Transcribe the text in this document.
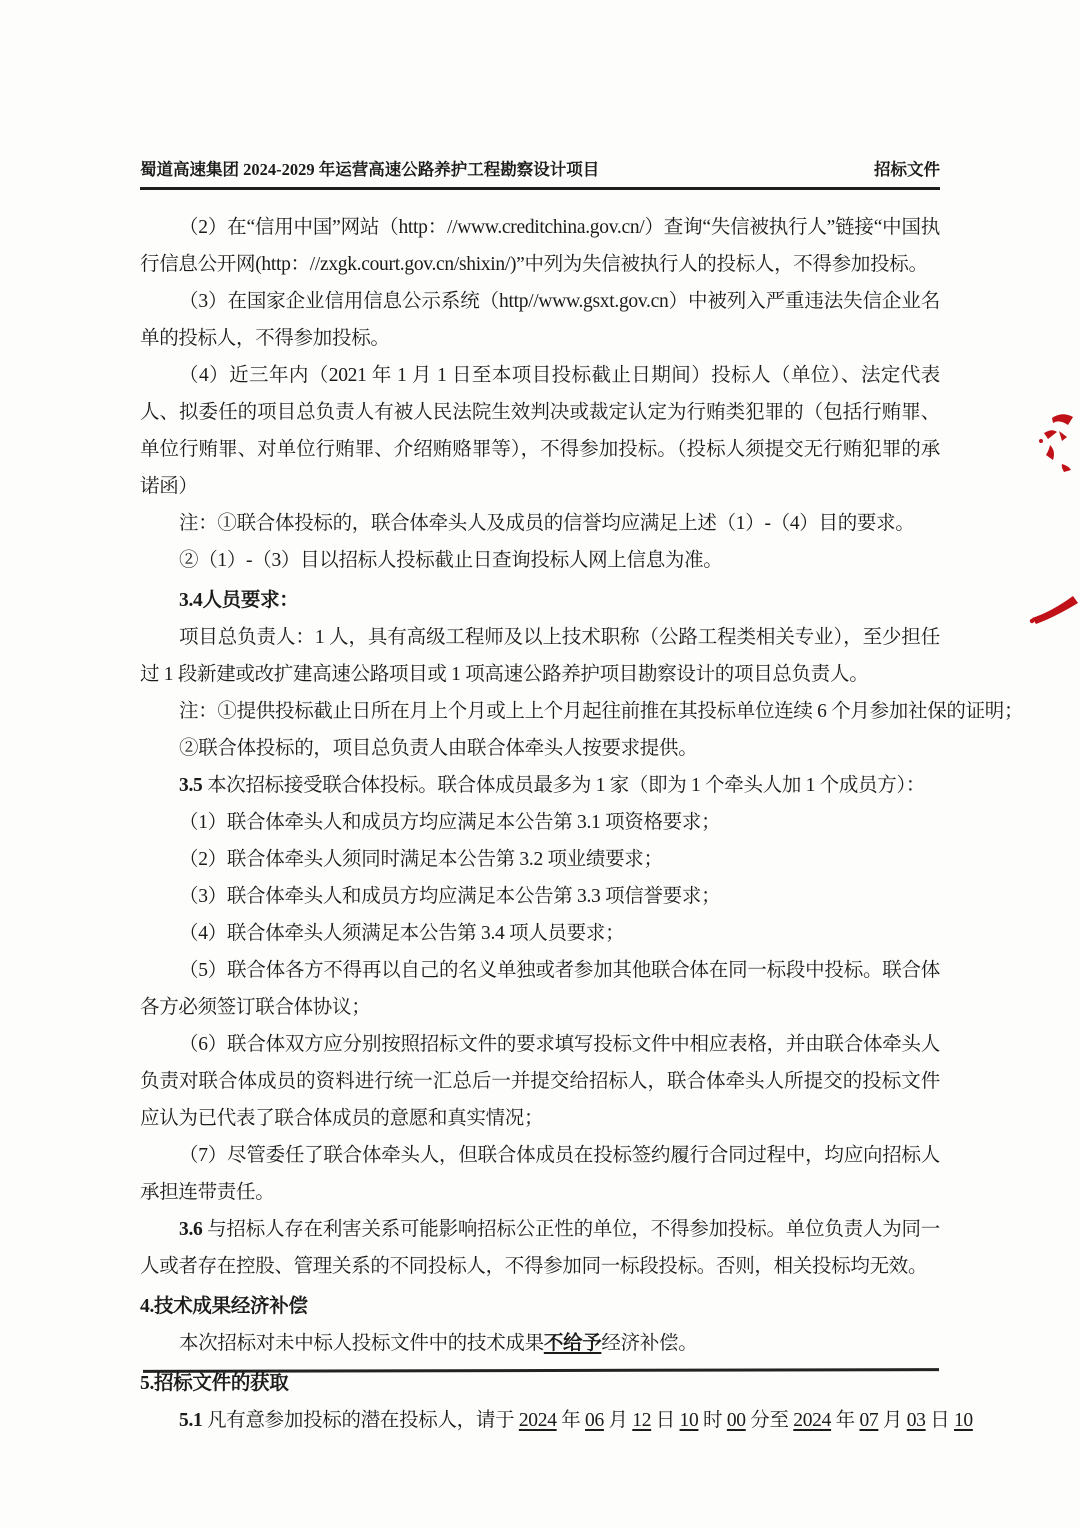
蜀道高速集团 2024-2029 年运营高速公路养护工程勘察设计项目	招标文件

（2）在“信用中国”网站（http：//www.creditchina.gov.cn/）查询“失信被执行人”链接“中国执行信息公开网(http：//zxgk.court.gov.cn/shixin/)”中列为失信被执行人的投标人，不得参加投标。

（3）在国家企业信用信息公示系统（http//www.gsxt.gov.cn）中被列入严重违法失信企业名单的投标人，不得参加投标。

（4）近三年内（2021 年 1 月 1 日至本项目投标截止日期间）投标人（单位）、法定代表人、拟委任的项目总负责人有被人民法院生效判决或裁定认定为行贿类犯罪的（包括行贿罪、单位行贿罪、对单位行贿罪、介绍贿赂罪等），不得参加投标。（投标人须提交无行贿犯罪的承诺函）

注：①联合体投标的，联合体牵头人及成员的信誉均应满足上述（1）-（4）目的要求。

②（1）-（3）目以招标人投标截止日查询投标人网上信息为准。

3.4人员要求：

项目总负责人：1 人，具有高级工程师及以上技术职称（公路工程类相关专业），至少担任过 1 段新建或改扩建高速公路项目或 1 项高速公路养护项目勘察设计的项目总负责人。

注：①提供投标截止日所在月上个月或上上个月起往前推在其投标单位连续 6 个月参加社保的证明；

②联合体投标的，项目总负责人由联合体牵头人按要求提供。

3.5 本次招标接受联合体投标。联合体成员最多为 1 家（即为 1 个牵头人加 1 个成员方）：

（1）联合体牵头人和成员方均应满足本公告第 3.1 项资格要求；

（2）联合体牵头人须同时满足本公告第 3.2 项业绩要求；

（3）联合体牵头人和成员方均应满足本公告第 3.3 项信誉要求；

（4）联合体牵头人须满足本公告第 3.4 项人员要求；

（5）联合体各方不得再以自己的名义单独或者参加其他联合体在同一标段中投标。联合体各方必须签订联合体协议；

（6）联合体双方应分别按照招标文件的要求填写投标文件中相应表格，并由联合体牵头人负责对联合体成员的资料进行统一汇总后一并提交给招标人，联合体牵头人所提交的投标文件应认为已代表了联合体成员的意愿和真实情况；

（7）尽管委任了联合体牵头人，但联合体成员在投标签约履行合同过程中，均应向招标人承担连带责任。

3.6 与招标人存在利害关系可能影响招标公正性的单位，不得参加投标。单位负责人为同一人或者存在控股、管理关系的不同投标人，不得参加同一标段投标。否则，相关投标均无效。

4.技术成果经济补偿

本次招标对未中标人投标文件中的技术成果不给予经济补偿。

5.招标文件的获取

5.1 凡有意参加投标的潜在投标人，请于 2024 年 06 月 12 日 10 时 00 分至 2024 年 07 月 03 日 10
